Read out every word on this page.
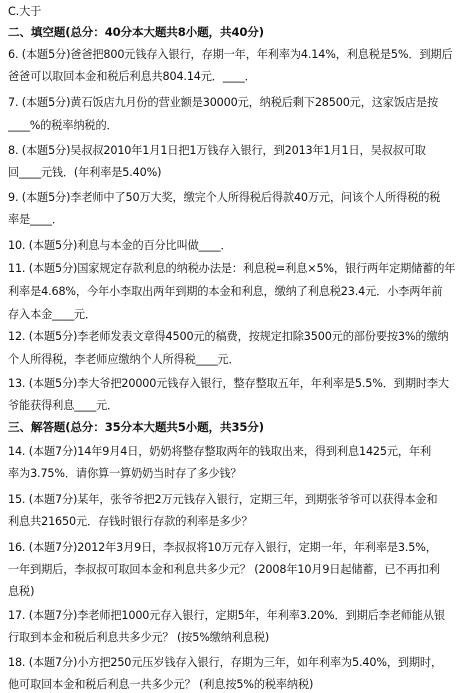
C.大于
二、填空题(总分：40分本大题共8小题，共40分)
6. (本题5分)爸爸把800元钱存入银行，存期一年，年利率为4.14%，利息税是5%．到期后
爸爸可以取回本金和税后利息共804.14元．____．
7. (本题5分)黄石饭店九月份的营业额是30000元，纳税后剩下28500元，这家饭店是按
____%的税率纳税的．
8. (本题5分)吴叔叔2010年1月1日把1万钱存入银行，到2013年1月1日，吴叔叔可取
回____元钱．(年利率是5.40%)
9. (本题5分)李老师中了50万大奖，缴完个人所得税后得款40万元，问该个人所得税的税
率是____．
10. (本题5分)利息与本金的百分比叫做____．
11. (本题5分)国家规定存款利息的纳税办法是：利息税=利息×5%，银行两年定期储蓄的年
利率是4.68%，今年小李取出两年到期的本金和利息，缴纳了利息税23.4元．小李两年前
存入本金____元．
12. (本题5分)李老师发表文章得4500元的稿费，按规定扣除3500元的部份要按3%的缴纳
个人所得税，李老师应缴纳个人所得税____元．
13. (本题5分)李大爷把20000元钱存入银行，整存整取五年，年利率是5.5%．到期时李大
爷能获得利息____元．
三、解答题(总分：35分本大题共5小题，共35分)
14. (本题7分)14年9月4日，奶奶将整存整取两年的钱取出来，得到利息1425元，年利
率为3.75%．请你算一算奶奶当时存了多少钱？
15. (本题7分)某年，张爷爷把2万元钱存入银行，定期三年，到期张爷爷可以获得本金和
利息共21650元．存钱时银行存款的利率是多少？
16. (本题7分)2012年3月9日，李叔叔将10万元存入银行，定期一年，年利率是3.5%，
一年到期后，李叔叔可取回本金和利息共多少元？ (2008年10月9日起储蓄，已不再扣利
息税)
17. (本题7分)李老师把1000元存入银行，定期5年，年利率3.20%．到期后李老师能从银
行取到本金和税后利息共多少元？ (按5%缴纳利息税)
18. (本题7分)小方把250元压岁钱存入银行，存期为三年，如年利率为5.40%，到期时，
他可取回本金和税后利息一共多少元？ (利息按5%的税率纳税)
